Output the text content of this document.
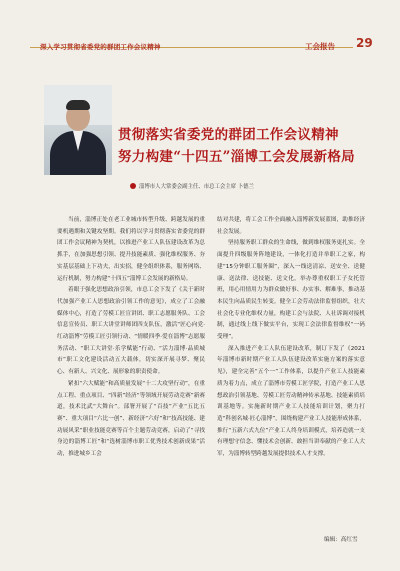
深入学习贯彻省委党的群团工作会议精神	工会报告 29
贯彻落实省委党的群团工作会议精神
努力构建“十四五”淄博工会发展新格局
淄博市人大常委会副主任、市总工会主席 卜德兰

当前，淄博正处在老工业城市转型升级、跨越发展的重要机遇期和关键攻坚期。我们将以学习贯彻落实省委党的群团工作会议精神为契机，以推进产业工人队伍建设改革为总抓手，在加强思想引领、提升技能素质、强化维权服务、夯实基层基础上下功夫，出实招，健全组织体系，服务网络、运行机制，努力构建“十四五”淄博工会发展的新格局。

着眼于强化思想政治引领，市总工会下发了《关于新时代加强产业工人思想政治引领工作的意见》，成立了工会融媒体中心，打造了劳模工匠宣讲团、职工志愿服务队、工会信息宣传员、职工大讲堂讲师团四支队伍，激活“匠心向党·红动淄博”劳模工匠引领行动、“情暖四季·爱在淄博”志愿服务活动、“职工大讲堂·乐学赋能”行动、“活力淄博·品质城市”职工文化建设活动五大载体，切实深开展寻梦、聚民心、有新人、兴文化、展形象的职责使命。

紧扣“六大赋能”和高质量发展“十二大攻坚行动”，在重点工程、重点项目、“四新”经济“等领域开展劳动竞赛”新赛道，技术比武“大舞台”。部署开展了“百技”产业“五比五赛”、重大项目“六比一创”、新经济“六好”和“技高技能、建功展风采”职业技能竞赛等百个主题劳动竞赛，启动了“寻找身边的淄博工匠”和“选树淄博市职工优秀技术创新成果”活动，推进城乡工会

结对共建，将工会工作全面融入淄博新发展蓝图，助推经济社会发展。

坚持服务职工群众的生命线，做到维权服务更扎实。全面提升四级服务阵地建设，一体化打造并举职工之家，构建“15分钟职工服务圈”，深入一线送清凉、送安全、送健康、送法律、送技能、送文化，举办尊重权职工子女托管班，用心用情用力为群众做好事、办实事、解难事，推动基本民生向品质民生转变。健全工会劳动法律监督组织，壮大社会化专业化维权力量，构建工会与法院、人社诉调对接机制，通过线上线下做实平台，实现工会法律监督维权“一码受理”。

深入推进产业工人队伍建设改革，制订下发了《2021年淄博市新时期产业工人队伍建设改革实施方案的落实意见》，建全完善“五个一”工作体系，以提升产业工人技能素质为着力点，成立了淄博市劳模工匠学院，打造产业工人思想政治引领基地、劳模工匠劳动精神传承基地、技能素质培训基地等。实施新时期产业工人技能培训计划，聚力打造“科创名城·匠心淄博”，围绕构建产业工人技能形成体系，推行“五新六式九位”产业工人终身培训模式，培养造就一支有理想守信念、懂技术会创新、敢担当讲奉献的产业工人大军，为淄博转型跨越发展提供技术人才支撑。

编辑：高红雪
